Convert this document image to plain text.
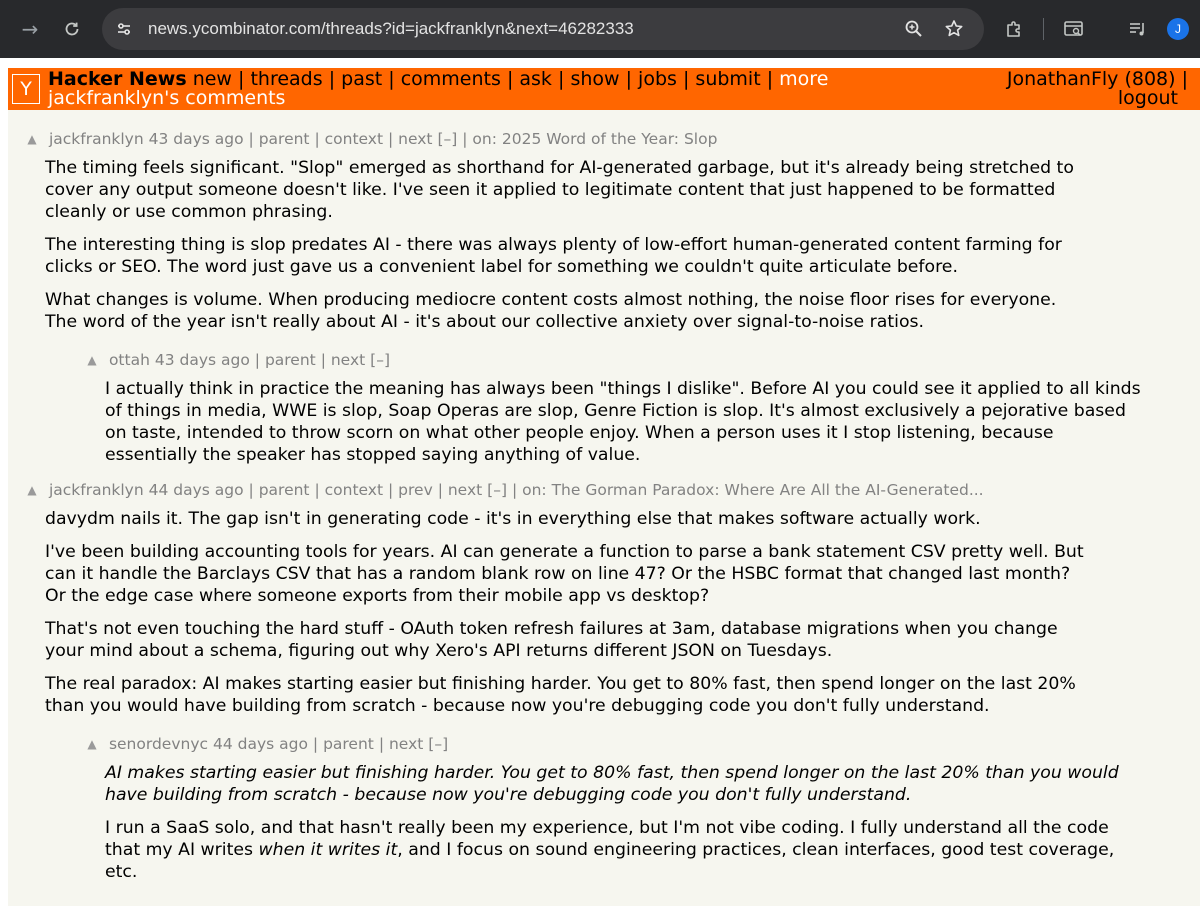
→	news.ycombinator.com/threads?id=jackfranklyn&next=46282333	J
Y Hacker News new | threads | past | comments | ask | show | jobs | submit | more
jackfranklyn's comments
JonathanFly (808) |
logout
▲ jackfranklyn 43 days ago | parent | context | next [–] | on: 2025 Word of the Year: Slop

The timing feels significant. "Slop" emerged as shorthand for AI-generated garbage, but it's already being stretched to
cover any output someone doesn't like. I've seen it applied to legitimate content that just happened to be formatted
cleanly or use common phrasing.

The interesting thing is slop predates AI - there was always plenty of low-effort human-generated content farming for
clicks or SEO. The word just gave us a convenient label for something we couldn't quite articulate before.

What changes is volume. When producing mediocre content costs almost nothing, the noise floor rises for everyone.
The word of the year isn't really about AI - it's about our collective anxiety over signal-to-noise ratios.

▲ ottah 43 days ago | parent | next [–]

I actually think in practice the meaning has always been "things I dislike". Before AI you could see it applied to all kinds
of things in media, WWE is slop, Soap Operas are slop, Genre Fiction is slop. It's almost exclusively a pejorative based
on taste, intended to throw scorn on what other people enjoy. When a person uses it I stop listening, because
essentially the speaker has stopped saying anything of value.

▲ jackfranklyn 44 days ago | parent | context | prev | next [–] | on: The Gorman Paradox: Where Are All the AI-Generated...

davydm nails it. The gap isn't in generating code - it's in everything else that makes software actually work.

I've been building accounting tools for years. AI can generate a function to parse a bank statement CSV pretty well. But
can it handle the Barclays CSV that has a random blank row on line 47? Or the HSBC format that changed last month?
Or the edge case where someone exports from their mobile app vs desktop?

That's not even touching the hard stuff - OAuth token refresh failures at 3am, database migrations when you change
your mind about a schema, figuring out why Xero's API returns different JSON on Tuesdays.

The real paradox: AI makes starting easier but finishing harder. You get to 80% fast, then spend longer on the last 20%
than you would have building from scratch - because now you're debugging code you don't fully understand.

▲ senordevnyc 44 days ago | parent | next [–]

AI makes starting easier but finishing harder. You get to 80% fast, then spend longer on the last 20% than you would
have building from scratch - because now you're debugging code you don't fully understand.

I run a SaaS solo, and that hasn't really been my experience, but I'm not vibe coding. I fully understand all the code
that my AI writes when it writes it, and I focus on sound engineering practices, clean interfaces, good test coverage,
etc.
